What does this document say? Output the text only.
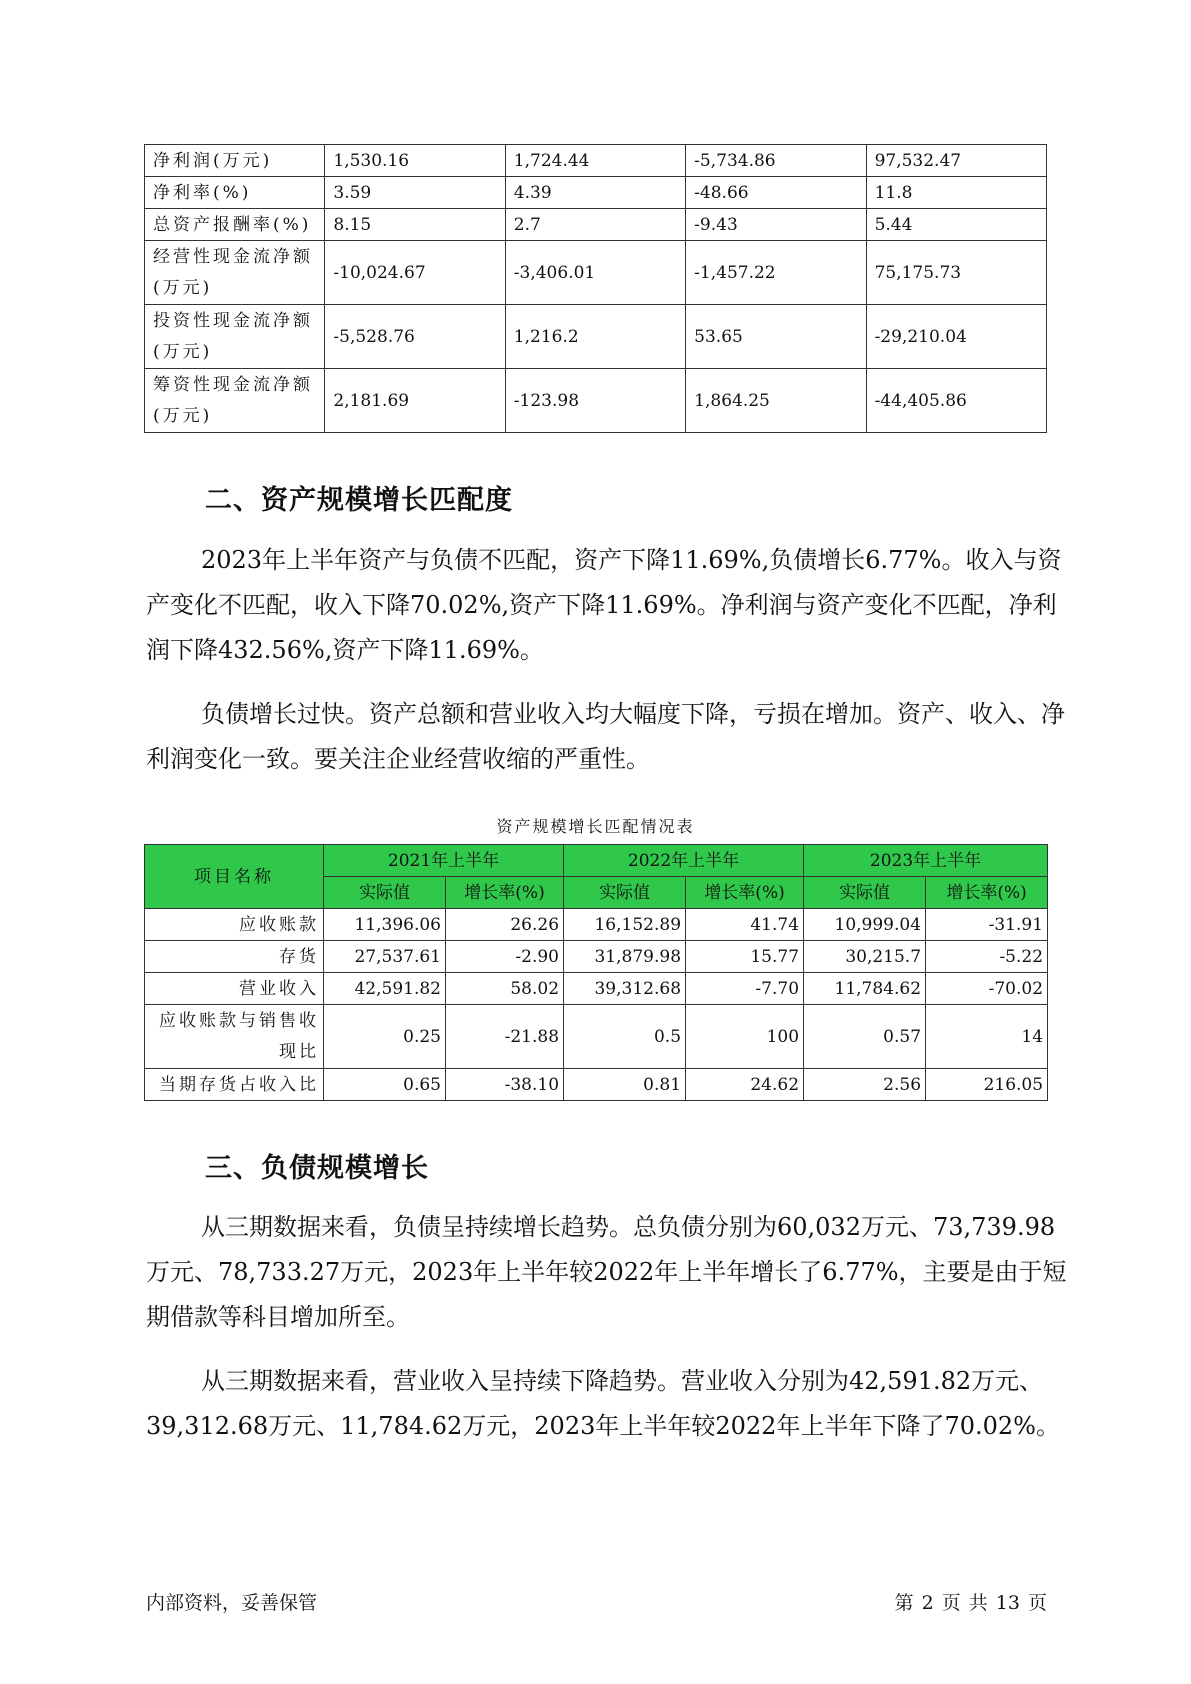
净利润(万元)	1,530.16	1,724.44	-5,734.86	97,532.47
净利率(%)	3.59	4.39	-48.66	11.8
总资产报酬率(%)	8.15	2.7	-9.43	5.44
经营性现金流净额(万元)	-10,024.67	-3,406.01	-1,457.22	75,175.73
投资性现金流净额(万元)	-5,528.76	1,216.2	53.65	-29,210.04
筹资性现金流净额(万元)	2,181.69	-123.98	1,864.25	-44,405.86
二、资产规模增长匹配度

2023年上半年资产与负债不匹配，资产下降11.69%,负债增长6.77%。收入与资产变化不匹配，收入下降70.02%,资产下降11.69%。净利润与资产变化不匹配，净利润下降432.56%,资产下降11.69%。

负债增长过快。资产总额和营业收入均大幅度下降，亏损在增加。资产、收入、净利润变化一致。要关注企业经营收缩的严重性。

资产规模增长匹配情况表
项目名称	2021年上半年		2022年上半年		2023年上半年	
	实际值	增长率(%)	实际值	增长率(%)	实际值	增长率(%)
应收账款	11,396.06	26.26	16,152.89	41.74	10,999.04	-31.91
存货	27,537.61	-2.90	31,879.98	15.77	30,215.7	-5.22
营业收入	42,591.82	58.02	39,312.68	-7.70	11,784.62	-70.02
应收账款与销售收现比	0.25	-21.88	0.5	100	0.57	14
当期存货占收入比	0.65	-38.10	0.81	24.62	2.56	216.05
三、负债规模增长

从三期数据来看，负债呈持续增长趋势。总负债分别为60,032万元、73,739.98万元、78,733.27万元，2023年上半年较2022年上半年增长了6.77%，主要是由于短期借款等科目增加所至。

从三期数据来看，营业收入呈持续下降趋势。营业收入分别为42,591.82万元、39,312.68万元、11,784.62万元，2023年上半年较2022年上半年下降了70.02%。

内部资料，妥善保管	第 2 页 共 13 页
